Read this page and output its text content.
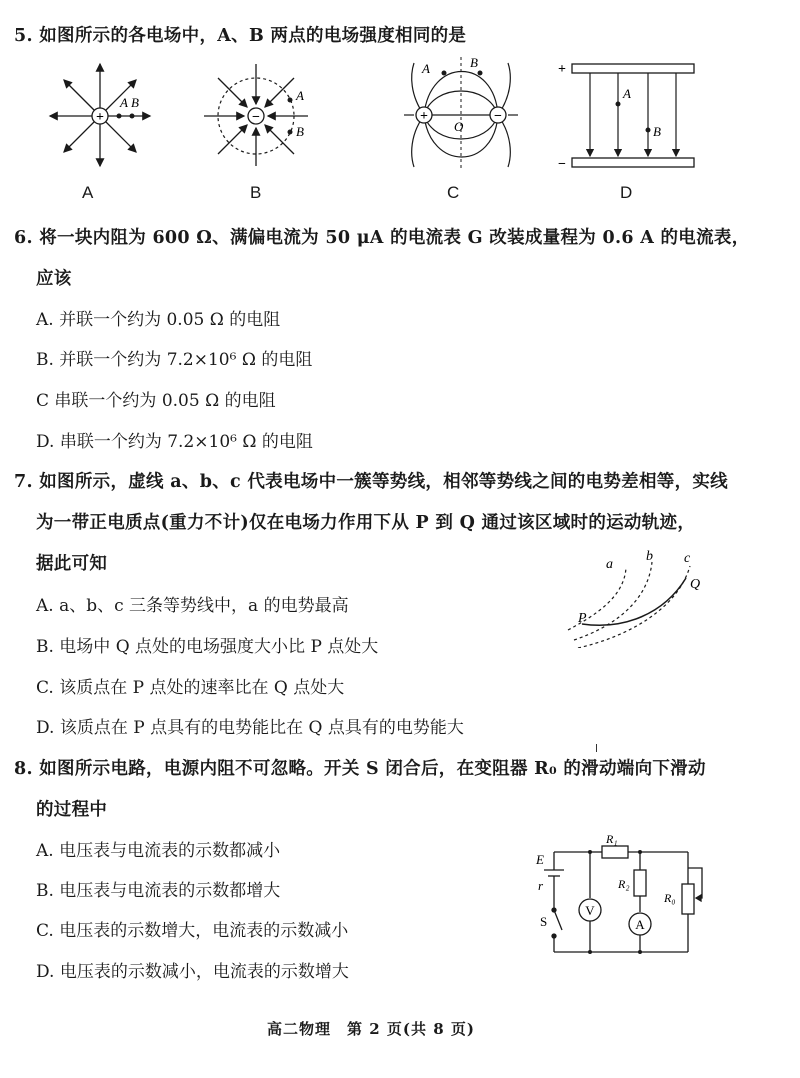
5. 如图所示的各电场中，A、B 两点的电场强度相同的是
+
A B
A
−
A
B
B
+	−
A	B
O
C
+
−
A
B
D
6. 将一块内阻为 600 Ω、满偏电流为 50 μA 的电流表 G 改装成量程为 0.6 A 的电流表，
应该
A. 并联一个约为 0.05 Ω 的电阻
B. 并联一个约为 7.2×10⁶ Ω 的电阻
C 串联一个约为 0.05 Ω 的电阻
D. 串联一个约为 7.2×10⁶ Ω 的电阻
7. 如图所示，虚线 a、b、c 代表电场中一簇等势线，相邻等势线之间的电势差相等，实线
为一带正电质点(重力不计)仅在电场力作用下从 P 到 Q 通过该区域时的运动轨迹，
据此可知
A. a、b、c 三条等势线中，a 的电势最高
B. 电场中 Q 点处的电场强度大小比 P 点处大
C. 该质点在 P 点处的速率比在 Q 点处大
D. 该质点在 P 点具有的电势能比在 Q 点具有的电势能大
a
b c
P
Q
8. 如图所示电路，电源内阻不可忽略。开关 S 闭合后，在变阻器 R₀ 的滑动端向下滑动
的过程中
A. 电压表与电流表的示数都减小
B. 电压表与电流表的示数都增大
C. 电压表的示数增大，电流表的示数减小
D. 电压表的示数减小，电流表的示数增大
E
r
S
R₁
R₂
R₀
V
A
高二物理　第 2 页(共 8 页)
